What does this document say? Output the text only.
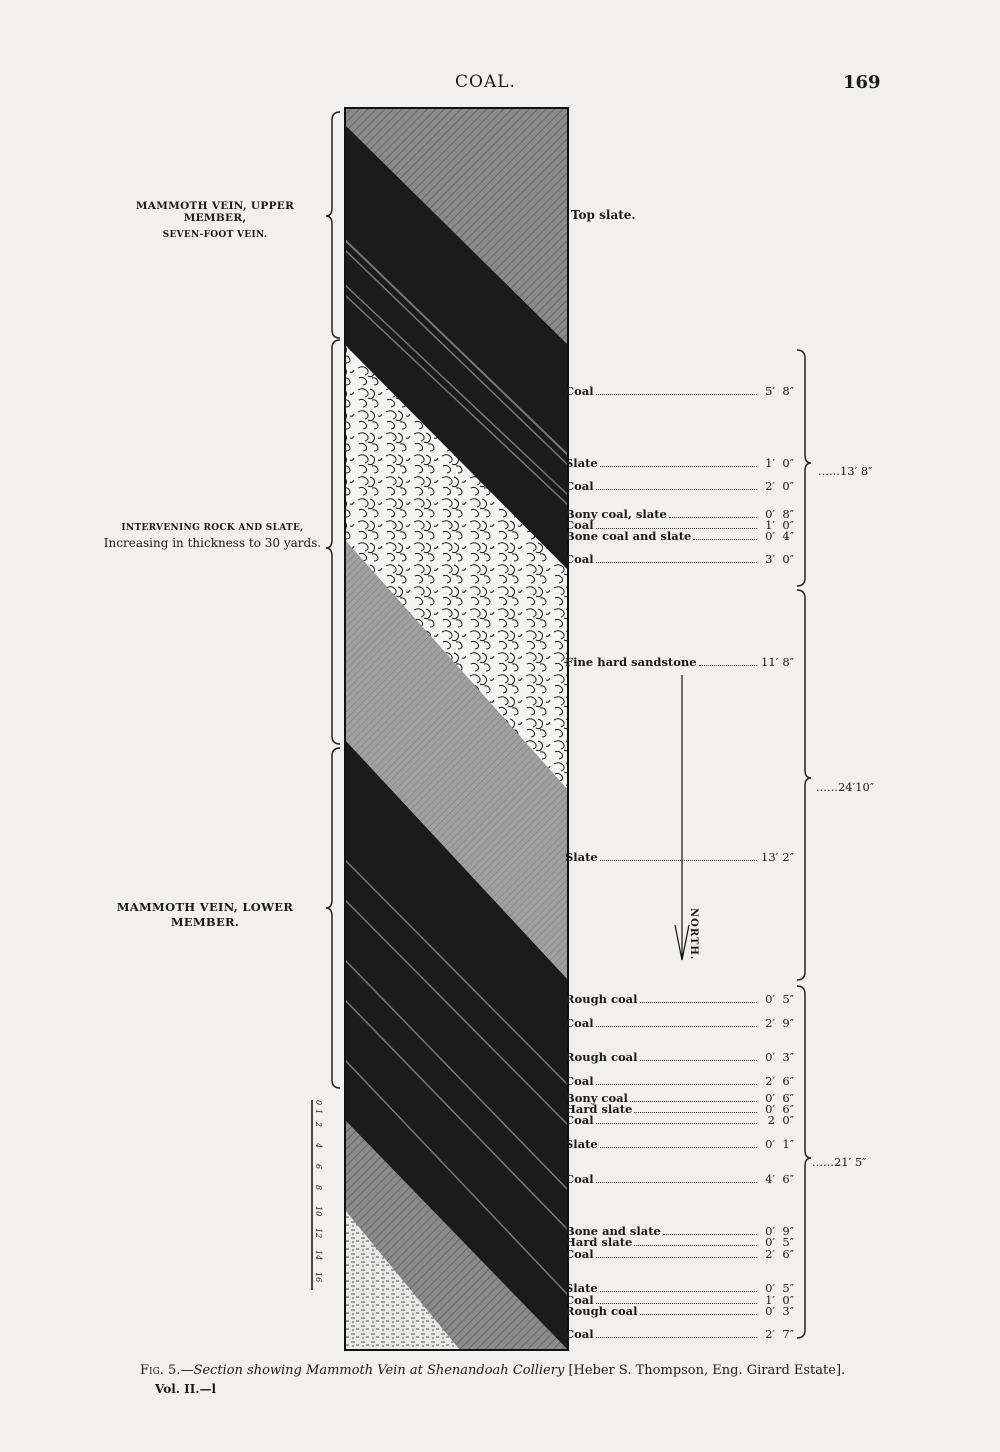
COAL.	169
MAMMOTH VEIN, UPPER
MEMBER,
SEVEN-FOOT VEIN.
INTERVENING ROCK AND SLATE,
Increasing in thickness to 30 yards.
MAMMOTH VEIN, LOWER
MEMBER.
0
1
2
4
6
8
10
12
14
16
Top slate.
Coal	5′ 8″
Slate	1′ 0″
Coal	2′ 0″
Bony coal, slate	0′ 8″
Coal	1′ 0″
Bone coal and slate	0′ 4″
Coal	3′ 0″
Fine hard sandstone	11′ 8″
Slate	13′ 2″
Rough coal	0′ 5″
Coal	2′ 9″
Rough coal	0′ 3″
Coal	2′ 6″
Bony coal	0′ 6″
Hard slate	0′ 6″
Coal	2 0″
Slate	0′ 1″
Coal	4′ 6″
Bone and slate	0′ 9″
Hard slate	0′ 5″
Coal	2′ 6″
Slate	0′ 5″
Coal	1′ 0″
Rough coal	0′ 3″
Coal	2′ 7″
......13′ 8″
......24′10″
......21′ 5″
NORTH.
Fig. 5.—Section showing Mammoth Vein at Shenandoah Colliery [Heber S. Thompson, Eng. Girard Estate].
Vol. II.—l
